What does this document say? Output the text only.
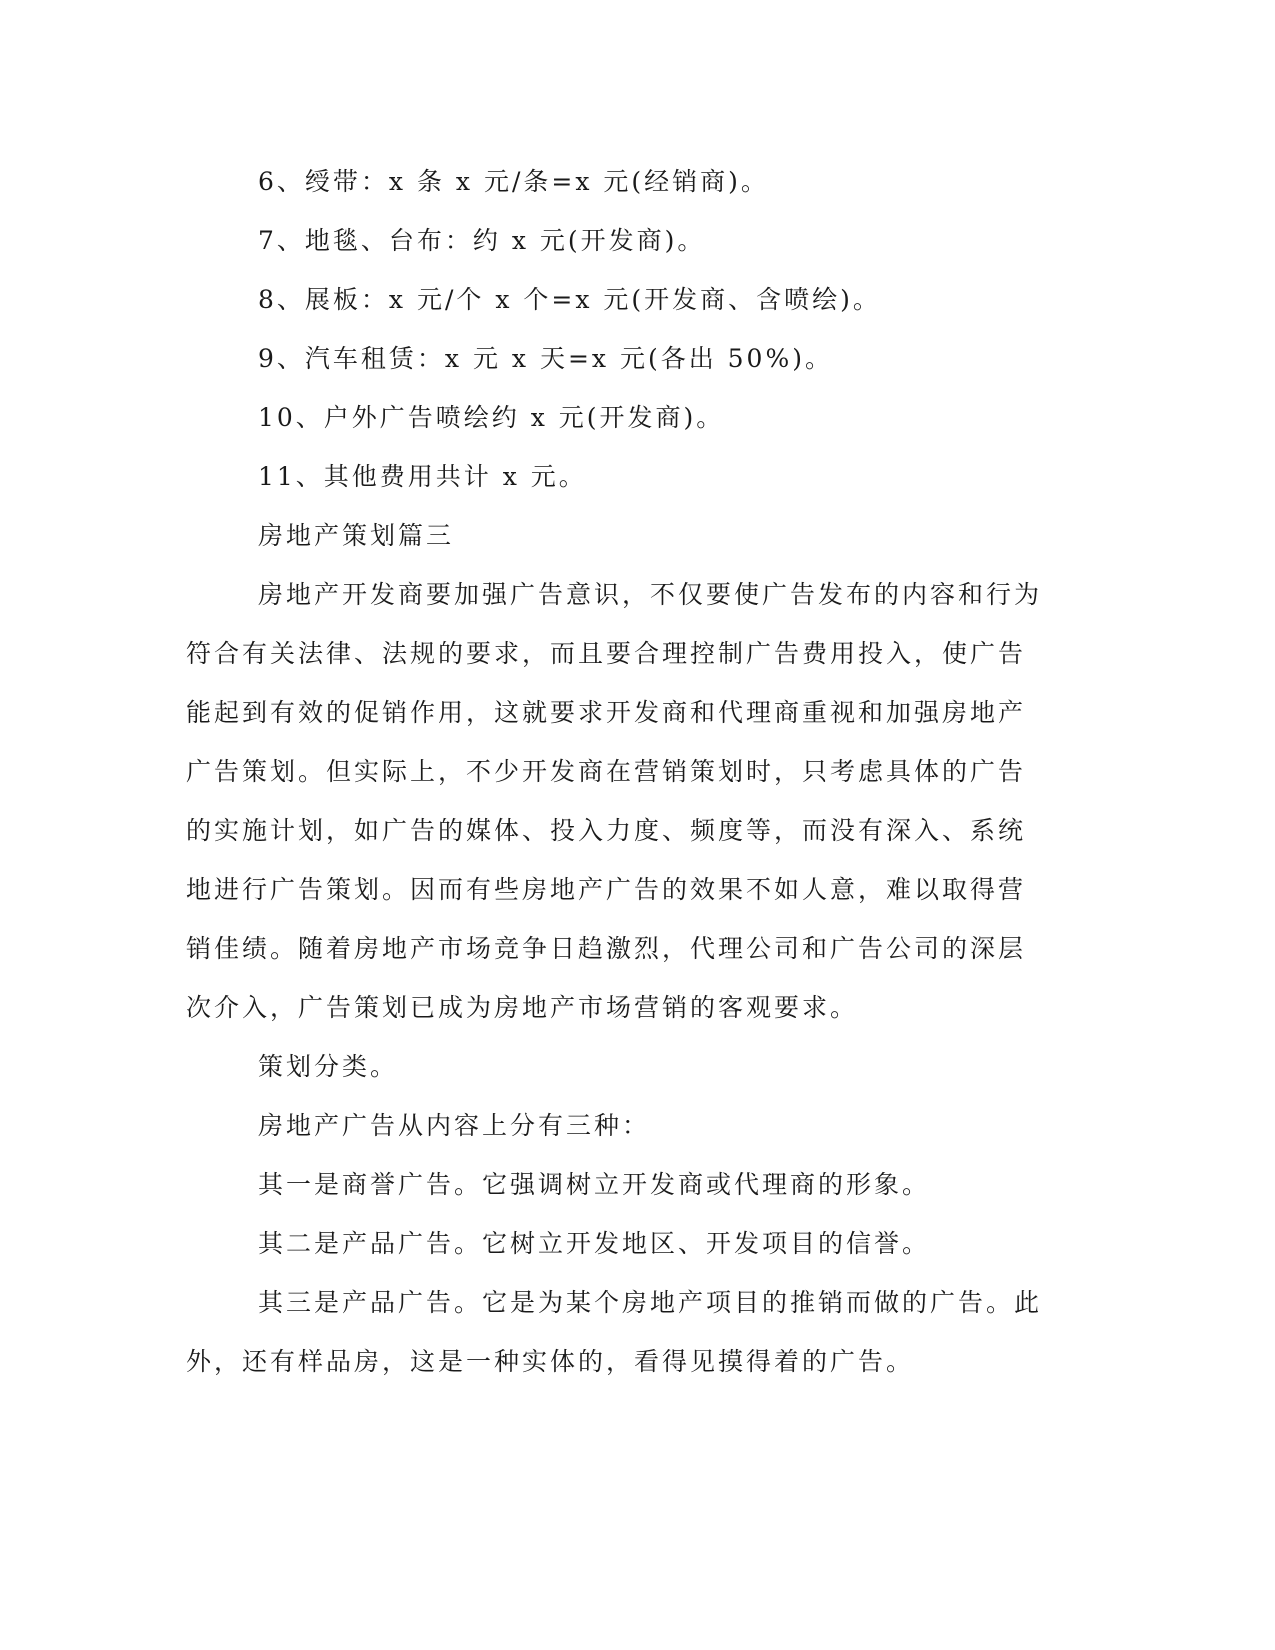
6、绶带：x 条 x 元/条=x 元(经销商)。

7、地毯、台布：约 x 元(开发商)。

8、展板：x 元/个 x 个=x 元(开发商、含喷绘)。

9、汽车租赁：x 元 x 天=x 元(各出 50%)。

10、户外广告喷绘约 x 元(开发商)。

11、其他费用共计 x 元。

房地产策划篇三

房地产开发商要加强广告意识，不仅要使广告发布的内容和行为

符合有关法律、法规的要求，而且要合理控制广告费用投入，使广告

能起到有效的促销作用，这就要求开发商和代理商重视和加强房地产

广告策划。但实际上，不少开发商在营销策划时，只考虑具体的广告

的实施计划，如广告的媒体、投入力度、频度等，而没有深入、系统

地进行广告策划。因而有些房地产广告的效果不如人意，难以取得营

销佳绩。随着房地产市场竞争日趋激烈，代理公司和广告公司的深层

次介入，广告策划已成为房地产市场营销的客观要求。

策划分类。

房地产广告从内容上分有三种：

其一是商誉广告。它强调树立开发商或代理商的形象。

其二是产品广告。它树立开发地区、开发项目的信誉。

其三是产品广告。它是为某个房地产项目的推销而做的广告。此

外，还有样品房，这是一种实体的，看得见摸得着的广告。
